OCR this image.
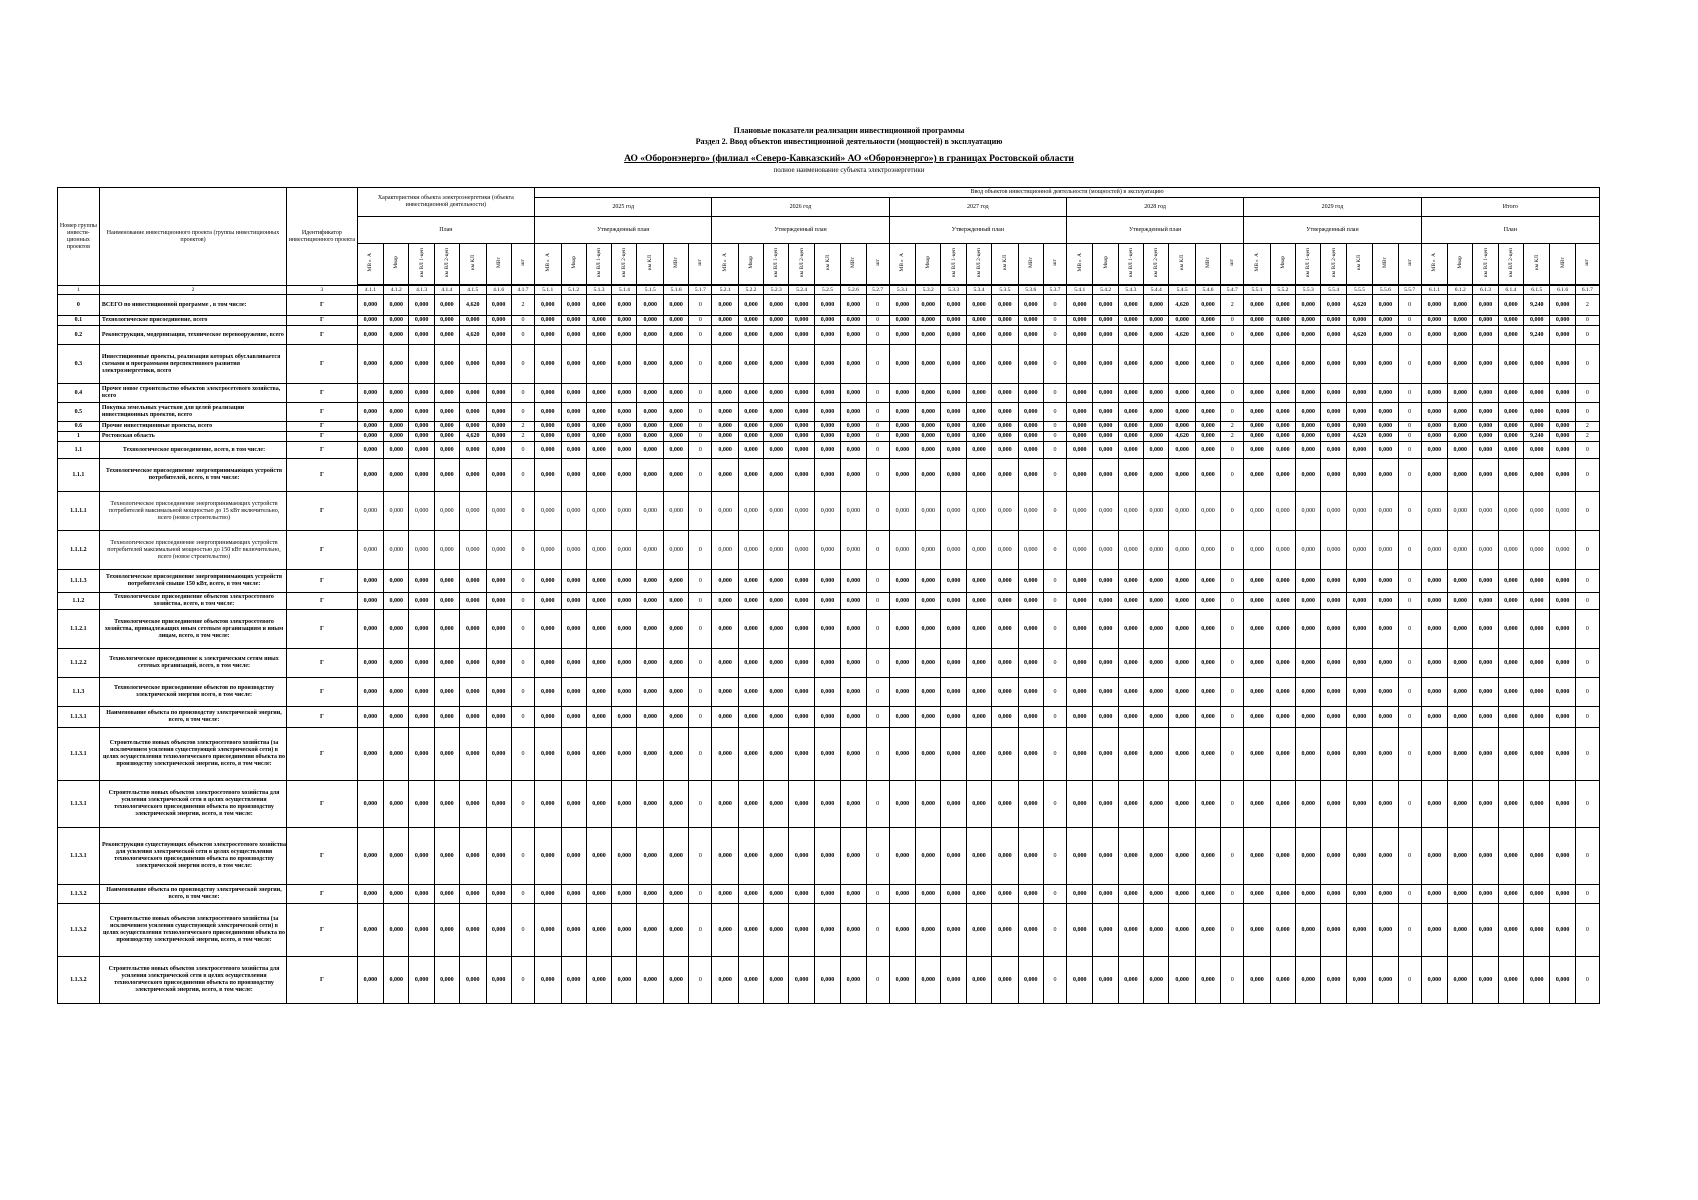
Плановые показатели реализации инвестиционной программы
Раздел 2. Ввод объектов инвестиционной деятельности (мощностей) в эксплуатацию
АО «Оборонэнерго» (филиал «Северо-Кавказский» АО «Оборонэнерго») в границах Ростовской области
полное наименование субъекта электроэнергетики
Номер группы инвести-ционных проектов	Наименование инвестиционного проекта (группы инвестиционных проектов)	Идентификатор инвестиционного проекта	Характеристики объекта электроэнергетики (объекта инвестиционной деятельности)							Ввод объектов инвестиционной деятельности (мощностей) в эксплуатацию																																									
										2025 год							2026 год							2027 год							2028 год							2029 год							Итого						
			План							Утвержденный план							Утвержденный план							Утвержденный план							Утвержденный план							Утвержденный план							План						
			МВ×А	Мвар	км ВЛ 1-цеп	км ВЛ 2-цеп	км КЛ	МВт	шт	МВ×А	Мвар	км ВЛ 1-цеп	км ВЛ 2-цеп	км КЛ	МВт	шт	МВ×А	Мвар	км ВЛ 1-цеп	км ВЛ 2-цеп	км КЛ	МВт	шт	МВ×А	Мвар	км ВЛ 1-цеп	км ВЛ 2-цеп	км КЛ	МВт	шт	МВ×А	Мвар	км ВЛ 1-цеп	км ВЛ 2-цеп	км КЛ	МВт	шт	МВ×А	Мвар	км ВЛ 1-цеп	км ВЛ 2-цеп	км КЛ	МВт	шт	МВ×А	Мвар	км ВЛ 1-цеп	км ВЛ 2-цеп	км КЛ	МВт	шт

1	2	3	4.1.1	4.1.2	4.1.3	4.1.4	4.1.5	4.1.6	4.1.7	5.1.1	5.1.2	5.1.3	5.1.4	5.1.5	5.1.6	5.1.7	5.2.1	5.2.2	5.2.3	5.2.4	5.2.5	5.2.6	5.2.7	5.3.1	5.3.2	5.3.3	5.3.4	5.3.5	5.3.6	5.3.7	5.4.1	5.4.2	5.4.3	5.4.4	5.4.5	5.4.6	5.4.7	5.5.1	5.5.2	5.5.3	5.5.4	5.5.5	5.5.6	5.5.7	6.1.1	6.1.2	6.1.3	6.1.4	6.1.5	6.1.6	6.1.7
0	ВСЕГО по инвестиционной программе , в том числе:	Г	0,000	0,000	0,000	0,000	4,620	0,000	2	0,000	0,000	0,000	0,000	0,000	0,000	0	0,000	0,000	0,000	0,000	0,000	0,000	0	0,000	0,000	0,000	0,000	0,000	0,000	0	0,000	0,000	0,000	0,000	4,620	0,000	2	0,000	0,000	0,000	0,000	4,620	0,000	0	0,000	0,000	0,000	0,000	9,240	0,000	2
0.1	Технологическое присоединение, всего	Г	0,000	0,000	0,000	0,000	0,000	0,000	0	0,000	0,000	0,000	0,000	0,000	0,000	0	0,000	0,000	0,000	0,000	0,000	0,000	0	0,000	0,000	0,000	0,000	0,000	0,000	0	0,000	0,000	0,000	0,000	0,000	0,000	0	0,000	0,000	0,000	0,000	0,000	0,000	0	0,000	0,000	0,000	0,000	0,000	0,000	0
0.2	Реконструкция, модернизация, техническое перевооружение, всего	Г	0,000	0,000	0,000	0,000	4,620	0,000	0	0,000	0,000	0,000	0,000	0,000	0,000	0	0,000	0,000	0,000	0,000	0,000	0,000	0	0,000	0,000	0,000	0,000	0,000	0,000	0	0,000	0,000	0,000	0,000	4,620	0,000	0	0,000	0,000	0,000	0,000	4,620	0,000	0	0,000	0,000	0,000	0,000	9,240	0,000	0
0.3	Инвестиционные проекты, реализация которых обуславливается схемами и программами перспективного развития электроэнергетики, всего	Г	0,000	0,000	0,000	0,000	0,000	0,000	0	0,000	0,000	0,000	0,000	0,000	0,000	0	0,000	0,000	0,000	0,000	0,000	0,000	0	0,000	0,000	0,000	0,000	0,000	0,000	0	0,000	0,000	0,000	0,000	0,000	0,000	0	0,000	0,000	0,000	0,000	0,000	0,000	0	0,000	0,000	0,000	0,000	0,000	0,000	0
0.4	Прочее новое строительство объектов электросетевого хозяйства, всего	Г	0,000	0,000	0,000	0,000	0,000	0,000	0	0,000	0,000	0,000	0,000	0,000	0,000	0	0,000	0,000	0,000	0,000	0,000	0,000	0	0,000	0,000	0,000	0,000	0,000	0,000	0	0,000	0,000	0,000	0,000	0,000	0,000	0	0,000	0,000	0,000	0,000	0,000	0,000	0	0,000	0,000	0,000	0,000	0,000	0,000	0
0.5	Покупка земельных участков для целей реализации инвестиционных проектов, всего	Г	0,000	0,000	0,000	0,000	0,000	0,000	0	0,000	0,000	0,000	0,000	0,000	0,000	0	0,000	0,000	0,000	0,000	0,000	0,000	0	0,000	0,000	0,000	0,000	0,000	0,000	0	0,000	0,000	0,000	0,000	0,000	0,000	0	0,000	0,000	0,000	0,000	0,000	0,000	0	0,000	0,000	0,000	0,000	0,000	0,000	0
0.6	Прочие инвестиционные проекты, всего	Г	0,000	0,000	0,000	0,000	0,000	0,000	2	0,000	0,000	0,000	0,000	0,000	0,000	0	0,000	0,000	0,000	0,000	0,000	0,000	0	0,000	0,000	0,000	0,000	0,000	0,000	0	0,000	0,000	0,000	0,000	0,000	0,000	2	0,000	0,000	0,000	0,000	0,000	0,000	0	0,000	0,000	0,000	0,000	0,000	0,000	2
1	Ростовская область	Г	0,000	0,000	0,000	0,000	4,620	0,000	2	0,000	0,000	0,000	0,000	0,000	0,000	0	0,000	0,000	0,000	0,000	0,000	0,000	0	0,000	0,000	0,000	0,000	0,000	0,000	0	0,000	0,000	0,000	0,000	4,620	0,000	2	0,000	0,000	0,000	0,000	4,620	0,000	0	0,000	0,000	0,000	0,000	9,240	0,000	2
1.1	Технологическое присоединение, всего, в том числе:	Г	0,000	0,000	0,000	0,000	0,000	0,000	0	0,000	0,000	0,000	0,000	0,000	0,000	0	0,000	0,000	0,000	0,000	0,000	0,000	0	0,000	0,000	0,000	0,000	0,000	0,000	0	0,000	0,000	0,000	0,000	0,000	0,000	0	0,000	0,000	0,000	0,000	0,000	0,000	0	0,000	0,000	0,000	0,000	0,000	0,000	0
1.1.1	Технологическое присоединение энергопринимающих устройств потребителей, всего, в том числе:	Г	0,000	0,000	0,000	0,000	0,000	0,000	0	0,000	0,000	0,000	0,000	0,000	0,000	0	0,000	0,000	0,000	0,000	0,000	0,000	0	0,000	0,000	0,000	0,000	0,000	0,000	0	0,000	0,000	0,000	0,000	0,000	0,000	0	0,000	0,000	0,000	0,000	0,000	0,000	0	0,000	0,000	0,000	0,000	0,000	0,000	0
1.1.1.1	Технологическое присоединение энергопринимающих устройств потребителей максимальной мощностью до 15 кВт включительно, всего (новое строительство)	Г	0,000	0,000	0,000	0,000	0,000	0,000	0	0,000	0,000	0,000	0,000	0,000	0,000	0	0,000	0,000	0,000	0,000	0,000	0,000	0	0,000	0,000	0,000	0,000	0,000	0,000	0	0,000	0,000	0,000	0,000	0,000	0,000	0	0,000	0,000	0,000	0,000	0,000	0,000	0	0,000	0,000	0,000	0,000	0,000	0,000	0
1.1.1.2	Технологическое присоединение энергопринимающих устройств потребителей максимальной мощностью до 150 кВт включительно, всего (новое строительство)	Г	0,000	0,000	0,000	0,000	0,000	0,000	0	0,000	0,000	0,000	0,000	0,000	0,000	0	0,000	0,000	0,000	0,000	0,000	0,000	0	0,000	0,000	0,000	0,000	0,000	0,000	0	0,000	0,000	0,000	0,000	0,000	0,000	0	0,000	0,000	0,000	0,000	0,000	0,000	0	0,000	0,000	0,000	0,000	0,000	0,000	0
1.1.1.3	Технологическое присоединение энергопринимающих устройств потребителей свыше 150 кВт, всего, в том числе:	Г	0,000	0,000	0,000	0,000	0,000	0,000	0	0,000	0,000	0,000	0,000	0,000	0,000	0	0,000	0,000	0,000	0,000	0,000	0,000	0	0,000	0,000	0,000	0,000	0,000	0,000	0	0,000	0,000	0,000	0,000	0,000	0,000	0	0,000	0,000	0,000	0,000	0,000	0,000	0	0,000	0,000	0,000	0,000	0,000	0,000	0
1.1.2	Технологическое присоединение объектов электросетевого хозяйства, всего, в том числе:	Г	0,000	0,000	0,000	0,000	0,000	0,000	0	0,000	0,000	0,000	0,000	0,000	0,000	0	0,000	0,000	0,000	0,000	0,000	0,000	0	0,000	0,000	0,000	0,000	0,000	0,000	0	0,000	0,000	0,000	0,000	0,000	0,000	0	0,000	0,000	0,000	0,000	0,000	0,000	0	0,000	0,000	0,000	0,000	0,000	0,000	0
1.1.2.1	Технологическое присоединение объектов электросетевого хозяйства, принадлежащих иным сетевым организациям и иным лицам, всего, в том числе:	Г	0,000	0,000	0,000	0,000	0,000	0,000	0	0,000	0,000	0,000	0,000	0,000	0,000	0	0,000	0,000	0,000	0,000	0,000	0,000	0	0,000	0,000	0,000	0,000	0,000	0,000	0	0,000	0,000	0,000	0,000	0,000	0,000	0	0,000	0,000	0,000	0,000	0,000	0,000	0	0,000	0,000	0,000	0,000	0,000	0,000	0
1.1.2.2	Технологическое присоединение к электрическим сетям иных сетевых организаций, всего, в том числе:	Г	0,000	0,000	0,000	0,000	0,000	0,000	0	0,000	0,000	0,000	0,000	0,000	0,000	0	0,000	0,000	0,000	0,000	0,000	0,000	0	0,000	0,000	0,000	0,000	0,000	0,000	0	0,000	0,000	0,000	0,000	0,000	0,000	0	0,000	0,000	0,000	0,000	0,000	0,000	0	0,000	0,000	0,000	0,000	0,000	0,000	0
1.1.3	Технологическое присоединение объектов по производству электрической энергии всего, в том числе:	Г	0,000	0,000	0,000	0,000	0,000	0,000	0	0,000	0,000	0,000	0,000	0,000	0,000	0	0,000	0,000	0,000	0,000	0,000	0,000	0	0,000	0,000	0,000	0,000	0,000	0,000	0	0,000	0,000	0,000	0,000	0,000	0,000	0	0,000	0,000	0,000	0,000	0,000	0,000	0	0,000	0,000	0,000	0,000	0,000	0,000	0
1.1.3.1	Наименование объекта по производству электрической энергии, всего, в том числе:	Г	0,000	0,000	0,000	0,000	0,000	0,000	0	0,000	0,000	0,000	0,000	0,000	0,000	0	0,000	0,000	0,000	0,000	0,000	0,000	0	0,000	0,000	0,000	0,000	0,000	0,000	0	0,000	0,000	0,000	0,000	0,000	0,000	0	0,000	0,000	0,000	0,000	0,000	0,000	0	0,000	0,000	0,000	0,000	0,000	0,000	0
1.1.3.1	Строительство новых объектов электросетевого хозяйства (за исключением усиления существующей электрической сети) в целях осуществления технологического присоединения объекта по производству электрической энергии, всего, в том числе:	Г	0,000	0,000	0,000	0,000	0,000	0,000	0	0,000	0,000	0,000	0,000	0,000	0,000	0	0,000	0,000	0,000	0,000	0,000	0,000	0	0,000	0,000	0,000	0,000	0,000	0,000	0	0,000	0,000	0,000	0,000	0,000	0,000	0	0,000	0,000	0,000	0,000	0,000	0,000	0	0,000	0,000	0,000	0,000	0,000	0,000	0
1.1.3.1	Строительство новых объектов электросетевого хозяйства для усиления электрической сети в целях осуществления технологического присоединения объекта по производству электрической энергии, всего, в том числе:	Г	0,000	0,000	0,000	0,000	0,000	0,000	0	0,000	0,000	0,000	0,000	0,000	0,000	0	0,000	0,000	0,000	0,000	0,000	0,000	0	0,000	0,000	0,000	0,000	0,000	0,000	0	0,000	0,000	0,000	0,000	0,000	0,000	0	0,000	0,000	0,000	0,000	0,000	0,000	0	0,000	0,000	0,000	0,000	0,000	0,000	0
1.1.3.1	Реконструкция существующих объектов электросетевого хозяйства для усиления электрической сети в целях осуществления технологического присоединения объекта по производству электрической энергии всего, в том числе:	Г	0,000	0,000	0,000	0,000	0,000	0,000	0	0,000	0,000	0,000	0,000	0,000	0,000	0	0,000	0,000	0,000	0,000	0,000	0,000	0	0,000	0,000	0,000	0,000	0,000	0,000	0	0,000	0,000	0,000	0,000	0,000	0,000	0	0,000	0,000	0,000	0,000	0,000	0,000	0	0,000	0,000	0,000	0,000	0,000	0,000	0
1.1.3.2	Наименование объекта по производству электрической энергии, всего, в том числе:	Г	0,000	0,000	0,000	0,000	0,000	0,000	0	0,000	0,000	0,000	0,000	0,000	0,000	0	0,000	0,000	0,000	0,000	0,000	0,000	0	0,000	0,000	0,000	0,000	0,000	0,000	0	0,000	0,000	0,000	0,000	0,000	0,000	0	0,000	0,000	0,000	0,000	0,000	0,000	0	0,000	0,000	0,000	0,000	0,000	0,000	0
1.1.3.2	Строительство новых объектов электросетевого хозяйства (за исключением усиления существующей электрической сети) в целях осуществления технологического присоединения объекта по производству электрической энергии, всего, в том числе:	Г	0,000	0,000	0,000	0,000	0,000	0,000	0	0,000	0,000	0,000	0,000	0,000	0,000	0	0,000	0,000	0,000	0,000	0,000	0,000	0	0,000	0,000	0,000	0,000	0,000	0,000	0	0,000	0,000	0,000	0,000	0,000	0,000	0	0,000	0,000	0,000	0,000	0,000	0,000	0	0,000	0,000	0,000	0,000	0,000	0,000	0
1.1.3.2	Строительство новых объектов электросетевого хозяйства для усиления электрической сети в целях осуществления технологического присоединения объекта по производству электрической энергии, всего, в том числе:	Г	0,000	0,000	0,000	0,000	0,000	0,000	0	0,000	0,000	0,000	0,000	0,000	0,000	0	0,000	0,000	0,000	0,000	0,000	0,000	0	0,000	0,000	0,000	0,000	0,000	0,000	0	0,000	0,000	0,000	0,000	0,000	0,000	0	0,000	0,000	0,000	0,000	0,000	0,000	0	0,000	0,000	0,000	0,000	0,000	0,000	0
